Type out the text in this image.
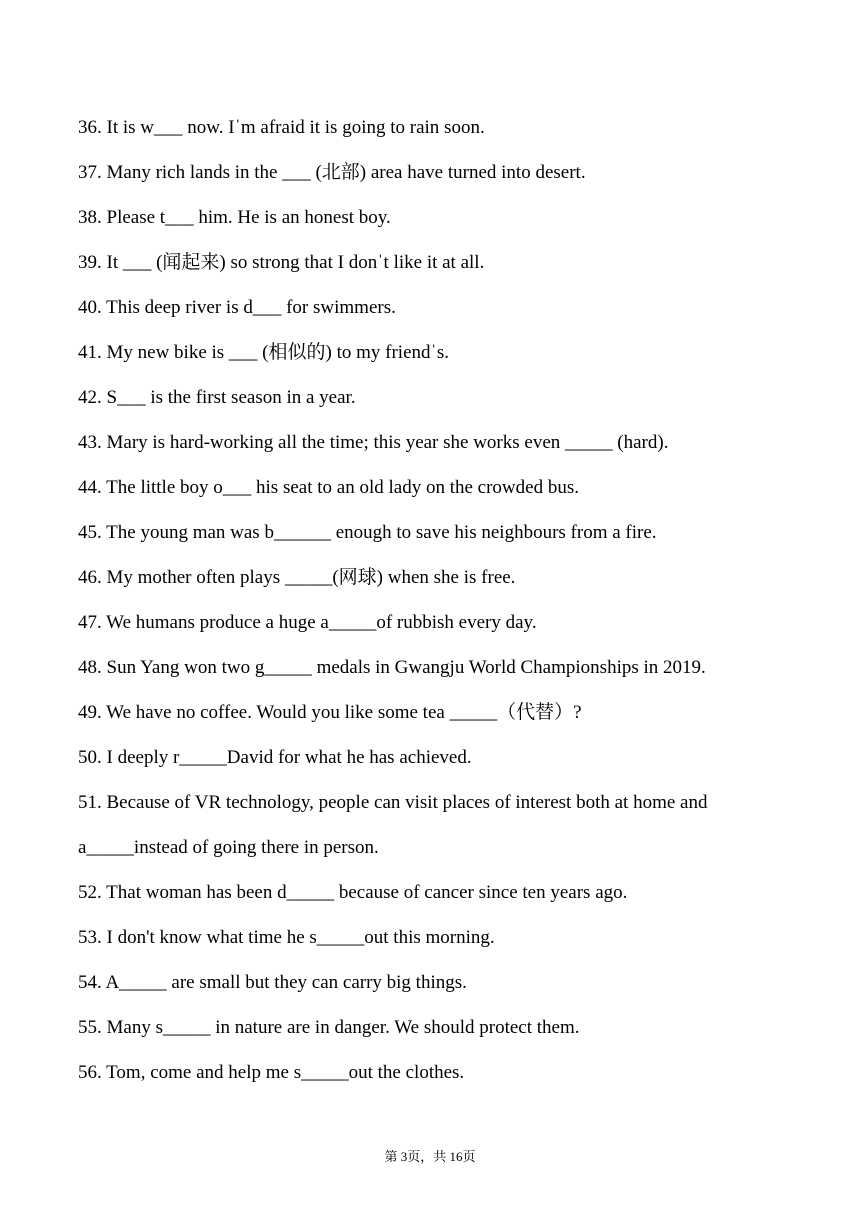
36. It is w___ now. Iˈm afraid it is going to rain soon.
37. Many rich lands in the ___ (北部) area have turned into desert.
38. Please t___ him. He is an honest boy.
39. It ___ (闻起来) so strong that I donˈt like it at all.
40. This deep river is d___ for swimmers.
41. My new bike is ___ (相似的) to my friendˈs.
42. S___ is the first season in a year.
43. Mary is hard-working all the time; this year she works even _____ (hard).
44. The little boy o___ his seat to an old lady on the crowded bus.
45. The young man was b______ enough to save his neighbours from a fire.
46. My mother often plays _____(网球) when she is free.
47. We humans produce a huge a_____of rubbish every day.
48. Sun Yang won two g_____ medals in Gwangju World Championships in 2019.
49. We have no coffee. Would you like some tea _____（代替）?
50. I deeply r_____David for what he has achieved.
51. Because of VR technology, people can visit places of interest both at home and
a_____instead of going there in person.
52. That woman has been d_____ because of cancer since ten years ago.
53. I don't know what time he s_____out this morning.
54. A_____ are small but they can carry big things.
55. Many s_____ in nature are in danger. We should protect them.
56. Tom, come and help me s_____out the clothes.
第 3页，共 16页
